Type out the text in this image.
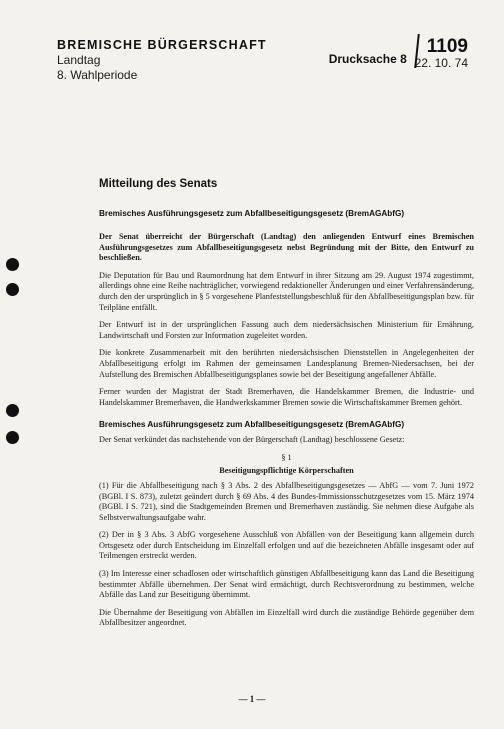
BREMISCHE BÜRGERSCHAFT
Landtag
8. Wahlperiode
Drucksache 8
1109
22. 10. 74
Mitteilung des Senats
Bremisches Ausführungsgesetz zum Abfallbeseitigungsgesetz (BremAGAbfG)

Der Senat überreicht der Bürgerschaft (Landtag) den anliegenden Entwurf eines Bremischen Ausführungsgesetzes zum Abfallbeseitigungsgesetz nebst Begründung mit der Bitte, den Entwurf zu beschließen.

Die Deputation für Bau und Raumordnung hat dem Entwurf in ihrer Sitzung am 29. August 1974 zugestimmt, allerdings ohne eine Reihe nachträglicher, vorwiegend redaktioneller Änderungen und einer Verfahrensänderung, durch den der ursprünglich in § 5 vorgesehene Planfeststellungsbeschluß für den Abfallbeseitigungsplan bzw. für Teilpläne entfällt.

Der Entwurf ist in der ursprünglichen Fassung auch dem niedersächsischen Ministerium für Ernährung, Landwirtschaft und Forsten zur Information zugeleitet worden.

Die konkrete Zusammenarbeit mit den berührten niedersächsischen Dienststellen in Angelegenheiten der Abfallbeseitigung erfolgt im Rahmen der gemeinsamen Landesplanung Bremen-Niedersachsen, bei der Aufstellung des Bremischen Abfallbeseitigungsplanes sowie bei der Beseitigung angefallener Abfälle.

Ferner wurden der Magistrat der Stadt Bremerhaven, die Handelskammer Bremen, die Industrie- und Handelskammer Bremerhaven, die Handwerkskammer Bremen sowie die Wirtschaftskammer Bremen gehört.

Bremisches Ausführungsgesetz zum Abfallbeseitigungsgesetz (BremAGAbfG)

Der Senat verkündet das nachstehende von der Bürgerschaft (Landtag) beschlossene Gesetz:

§ 1
Beseitigungspflichtige Körperschaften

(1) Für die Abfallbeseitigung nach § 3 Abs. 2 des Abfallbeseitigungsgesetzes — AbfG — vom 7. Juni 1972 (BGBl. I S. 873), zuletzt geändert durch § 69 Abs. 4 des Bundes-Immissionsschutzgesetzes vom 15. März 1974 (BGBl. I S. 721), sind die Stadtgemeinden Bremen und Bremerhaven zuständig. Sie nehmen diese Aufgabe als Selbstverwaltungsaufgabe wahr.

(2) Der in § 3 Abs. 3 AbfG vorgesehene Ausschluß von Abfällen von der Beseitigung kann allgemein durch Ortsgesetz oder durch Entscheidung im Einzelfall erfolgen und auf die bezeichneten Abfälle insgesamt oder auf Teilmengen erstreckt werden.

(3) Im Interesse einer schadlosen oder wirtschaftlich günstigen Abfallbeseitigung kann das Land die Beseitigung bestimmter Abfälle übernehmen. Der Senat wird ermächtigt, durch Rechtsverordnung zu bestimmen, welche Abfälle das Land zur Beseitigung übernimmt.

Die Übernahme der Beseitigung von Abfällen im Einzelfall wird durch die zuständige Behörde gegenüber dem Abfallbesitzer angeordnet.

— 1 —
